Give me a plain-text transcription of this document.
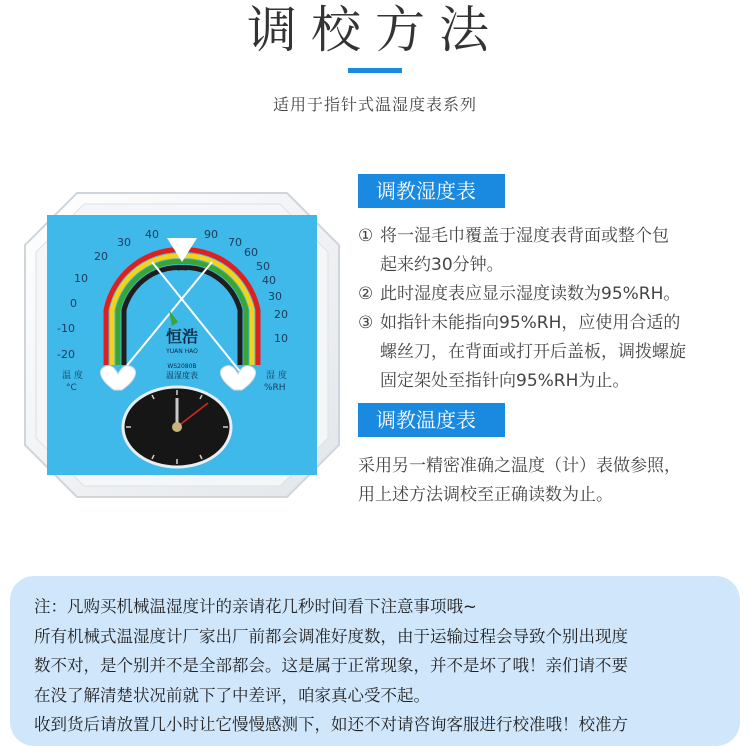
调校方法
适用于指针式温湿度表系列
40
30
20
10
0
-10
-20
90
70
60
50
40
30
20
10
恒浩
YUAN HAO
WS2080B
温湿度表
温 度
°C
湿 度
%RH
调教湿度表
① 将一湿毛巾覆盖于湿度表背面或整个包
起来约30分钟。
② 此时湿度表应显示湿度读数为95%RH。
③ 如指针未能指向95%RH，应使用合适的
螺丝刀，在背面或打开后盖板，调拨螺旋
固定架处至指针向95%RH为止。
调教温度表
采用另一精密准确之温度（计）表做参照，
用上述方法调校至正确读数为止。
注：凡购买机械温湿度计的亲请花几秒时间看下注意事项哦~
所有机械式温湿度计厂家出厂前都会调准好度数，由于运输过程会导致个别出现度
数不对，是个别并不是全部都会。这是属于正常现象，并不是坏了哦！亲们请不要
在没了解清楚状况前就下了中差评，咱家真心受不起。
收到货后请放置几小时让它慢慢感测下，如还不对请咨询客服进行校准哦！校准方
